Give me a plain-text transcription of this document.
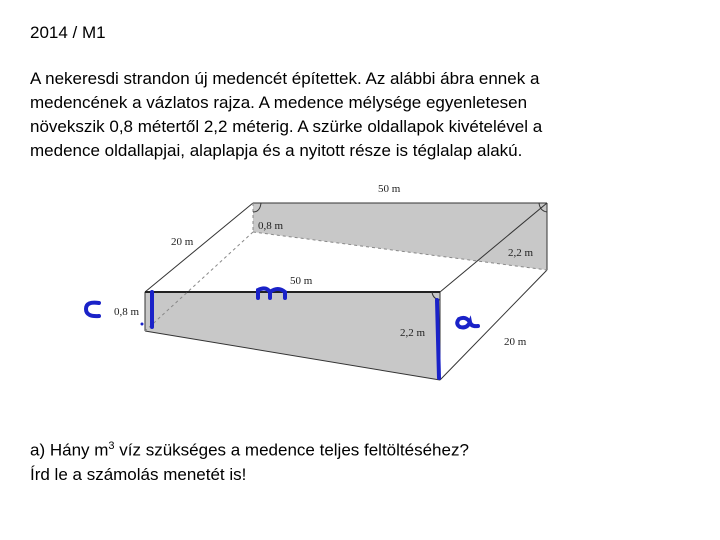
2014 / M1

A nekeresdi strandon új medencét építettek. Az alábbi ábra ennek a
medencének a vázlatos rajza. A medence mélysége egyenletesen
növekszik 0,8 métertől 2,2 méterig. A szürke oldallapok kivételével a
medence oldallapjai, alaplapja és a nyitott része is téglalap alakú.
50 m
20 m
0,8 m
2,2 m
50 m
0,8 m
2,2 m
20 m
a) Hány $m^3$ víz szükséges a medence teljes feltöltéséhez?
Írd le a számolás menetét is!
